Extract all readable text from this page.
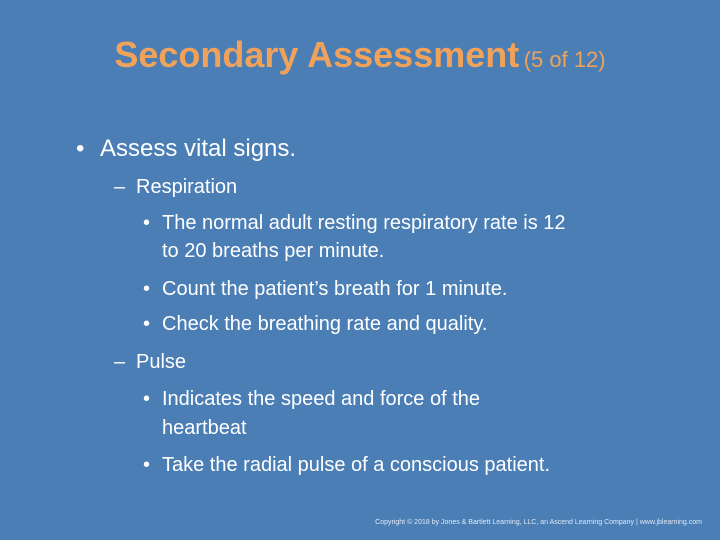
Secondary Assessment (5 of 12)
• Assess vital signs.
– Respiration
• The normal adult resting respiratory rate is 12
to 20 breaths per minute.
• Count the patient’s breath for 1 minute.
• Check the breathing rate and quality.
– Pulse
• Indicates the speed and force of the
heartbeat
• Take the radial pulse of a conscious patient.
Copyright © 2018 by Jones & Bartlett Learning, LLC, an Ascend Learning Company | www.jblearning.com
